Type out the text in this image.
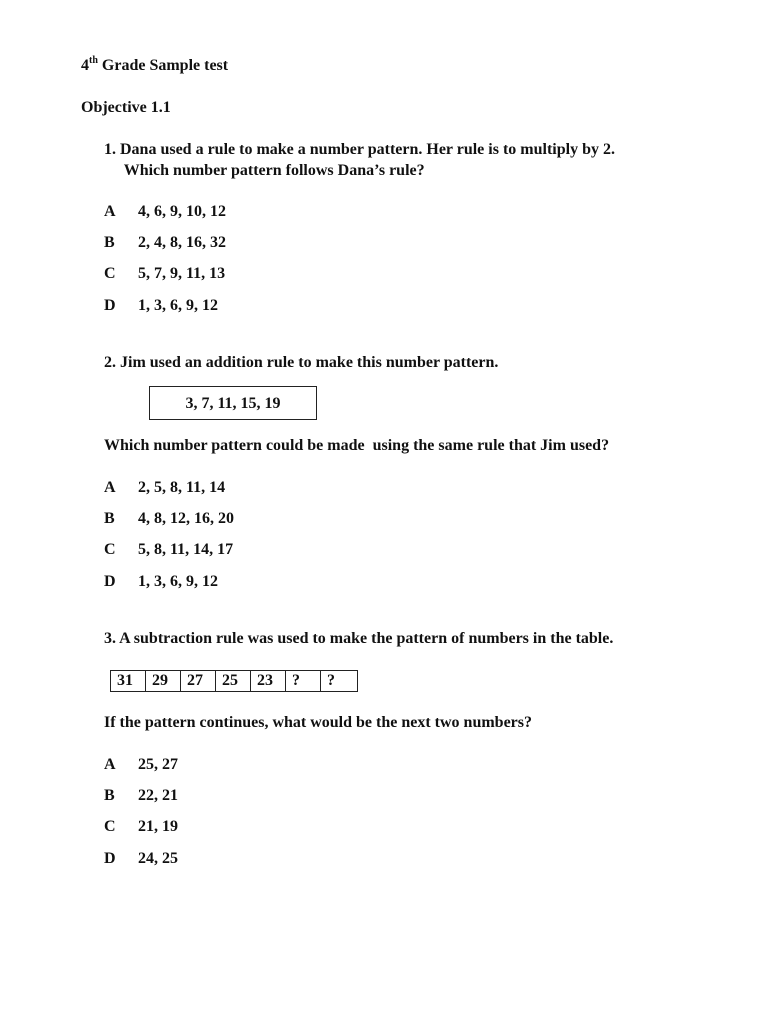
4th Grade Sample test
Objective 1.1
1. Dana used a rule to make a number pattern. Her rule is to multiply by 2.
Which number pattern follows Dana’s rule?
A	4, 6, 9, 10, 12
B	2, 4, 8, 16, 32
C	5, 7, 9, 11, 13
D	1, 3, 6, 9, 12
2. Jim used an addition rule to make this number pattern.
3, 7, 11, 15, 19
Which number pattern could be made  using the same rule that Jim used?
A	2, 5, 8, 11, 14
B	4, 8, 12, 16, 20
C	5, 8, 11, 14, 17
D	1, 3, 6, 9, 12
3. A subtraction rule was used to make the pattern of numbers in the table.
31	29	27	25	23	?	?
If the pattern continues, what would be the next two numbers?
A	25, 27
B	22, 21
C	21, 19
D	24, 25
